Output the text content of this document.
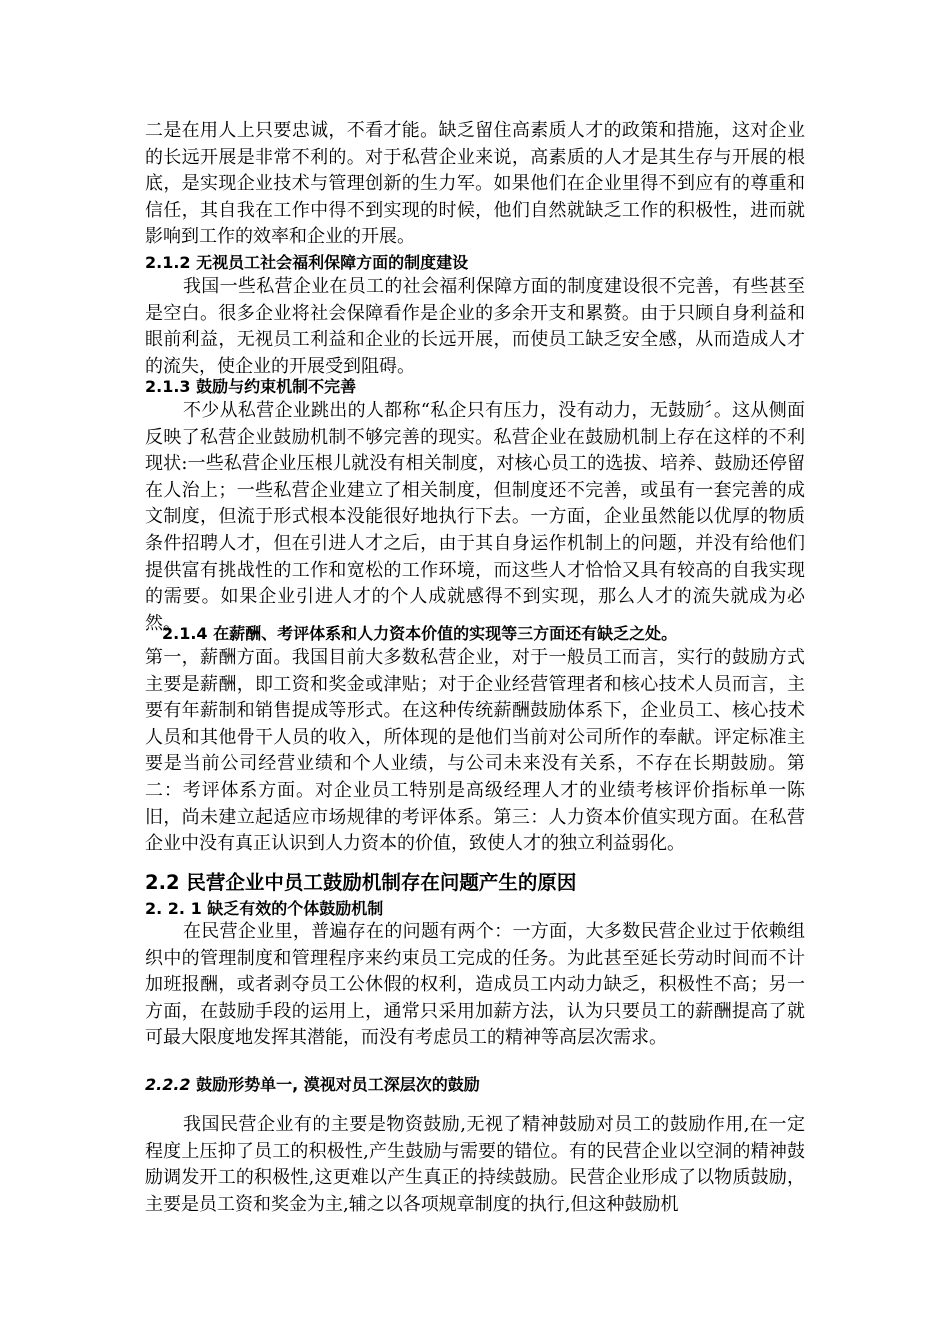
二是在用人上只要忠诚，不看才能。缺乏留住高素质人才的政策和措施，这对企业的长远开展是非常不利的。对于私营企业来说，高素质的人才是其生存与开展的根底，是实现企业技术与管理创新的生力军。如果他们在企业里得不到应有的尊重和信任，其自我在工作中得不到实现的时候，他们自然就缺乏工作的积极性，进而就影响到工作的效率和企业的开展。

2.1.2 无视员工社会福利保障方面的制度建设

我国一些私营企业在员工的社会福利保障方面的制度建设很不完善，有些甚至是空白。很多企业将社会保障看作是企业的多余开支和累赘。由于只顾自身利益和眼前利益，无视员工利益和企业的长远开展，而使员工缺乏安全感，从而造成人才的流失，使企业的开展受到阻碍。

2.1.3 鼓励与约束机制不完善

不少从私营企业跳出的人都称“私企只有压力，没有动力，无鼓励〞。这从侧面反映了私营企业鼓励机制不够完善的现实。私营企业在鼓励机制上存在这样的不利现状:一些私营企业压根儿就没有相关制度，对核心员工的选拔、培养、鼓励还停留在人治上；一些私营企业建立了相关制度，但制度还不完善，或虽有一套完善的成文制度，但流于形式根本没能很好地执行下去。一方面，企业虽然能以优厚的物质条件招聘人才，但在引进人才之后，由于其自身运作机制上的问题，并没有给他们提供富有挑战性的工作和宽松的工作环境，而这些人才恰恰又具有较高的自我实现的需要。如果企业引进人才的个人成就感得不到实现，那么人才的流失就成为必然。

2.1.4 在薪酬、考评体系和人力资本价值的实现等三方面还有缺乏之处。

第一，薪酬方面。我国目前大多数私营企业，对于一般员工而言，实行的鼓励方式主要是薪酬，即工资和奖金或津贴；对于企业经营管理者和核心技术人员而言，主要有年薪制和销售提成等形式。在这种传统薪酬鼓励体系下，企业员工、核心技术人员和其他骨干人员的收入，所体现的是他们当前对公司所作的奉献。评定标准主要是当前公司经营业绩和个人业绩，与公司未来没有关系，不存在长期鼓励。第二：考评体系方面。对企业员工特别是高级经理人才的业绩考核评价指标单一陈旧，尚未建立起适应市场规律的考评体系。第三：人力资本价值实现方面。在私营企业中没有真正认识到人力资本的价值，致使人才的独立利益弱化。

2.2 民营企业中员工鼓励机制存在问题产生的原因
2. 2. 1 缺乏有效的个体鼓励机制

在民营企业里，普遍存在的问题有两个：一方面，大多数民营企业过于依赖组织中的管理制度和管理程序来约束员工完成的任务。为此甚至延长劳动时间而不计加班报酬，或者剥夺员工公休假的权利，造成员工内动力缺乏，积极性不高；另一方面，在鼓励手段的运用上，通常只采用加薪方法，认为只要员工的薪酬提高了就可最大限度地发挥其潜能，而没有考虑员工的精神等高层次需求。

2.2.2 鼓励形势单一, 漠视对员工深层次的鼓励

我国民营企业有的主要是物资鼓励,无视了精神鼓励对员工的鼓励作用,在一定程度上压抑了员工的积极性,产生鼓励与需要的错位。有的民营企业以空洞的精神鼓励调发开工的积极性,这更难以产生真正的持续鼓励。民营企业形成了以物质鼓励，主要是员工资和奖金为主,辅之以各项规章制度的执行,但这种鼓励机
